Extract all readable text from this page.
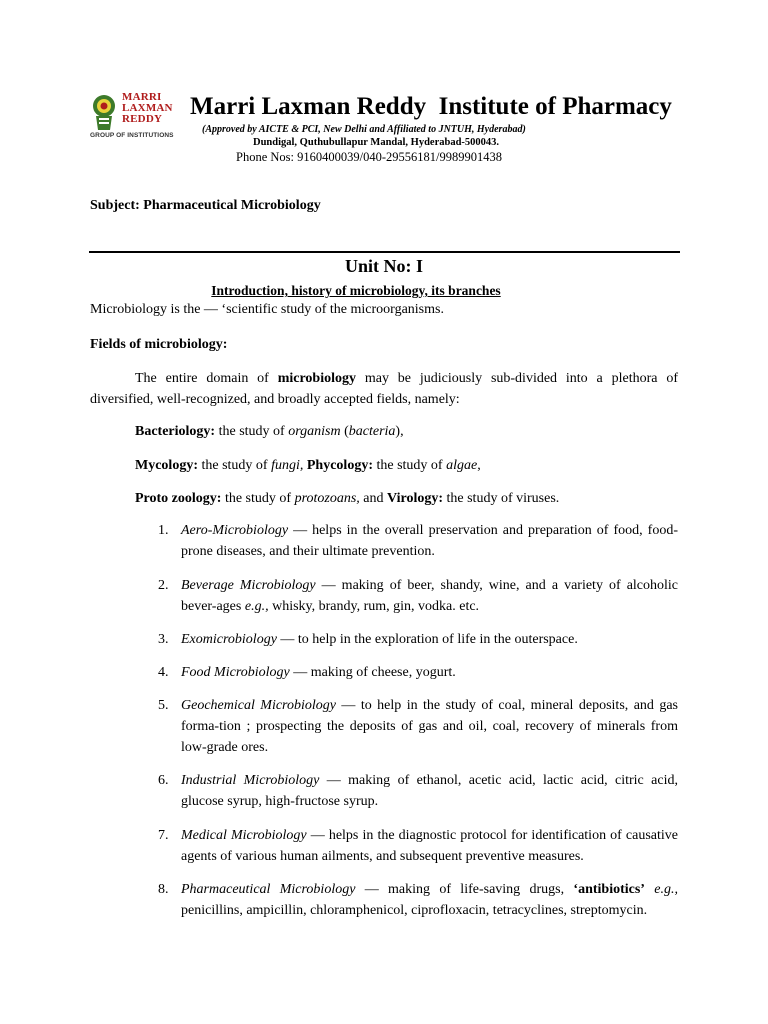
MARRI
LAXMAN
REDDY
GROUP OF INSTITUTIONS
Marri Laxman Reddy  Institute of Pharmacy
(Approved by AICTE & PCI, New Delhi and Affiliated to JNTUH, Hyderabad)
Dundigal, Quthubullapur Mandal, Hyderabad-500043.
Phone Nos: 9160400039/040-29556181/9989901438
Subject: Pharmaceutical Microbiology
Unit No: I
Introduction, history of microbiology, its branches
Microbiology is the — ‘scientific study of the microorganisms.
Fields of microbiology:
The entire domain of microbiology may be judiciously sub-divided into a plethora of diversified, well-recognized, and broadly accepted fields, namely:
Bacteriology: the study of organism (bacteria),
Mycology: the study of fungi, Phycology: the study of algae,
Proto zoology: the study of protozoans, and Virology: the study of viruses.
1. Aero-Microbiology — helps in the overall preservation and preparation of food, food-prone diseases, and their ultimate prevention.
2. Beverage Microbiology — making of beer, shandy, wine, and a variety of alcoholic bever-ages e.g., whisky, brandy, rum, gin, vodka. etc.
3. Exomicrobiology — to help in the exploration of life in the outerspace.
4. Food Microbiology — making of cheese, yogurt.
5. Geochemical Microbiology — to help in the study of coal, mineral deposits, and gas forma-tion ; prospecting the deposits of gas and oil, coal, recovery of minerals from low-grade ores.
6. Industrial Microbiology — making of ethanol, acetic acid, lactic acid, citric acid, glucose syrup, high-fructose syrup.
7. Medical Microbiology — helps in the diagnostic protocol for identification of causative agents of various human ailments, and subsequent preventive measures.
8. Pharmaceutical Microbiology — making of life-saving drugs, ‘antibiotics’ e.g., penicillins, ampicillin, chloramphenicol, ciprofloxacin, tetracyclines, streptomycin.
